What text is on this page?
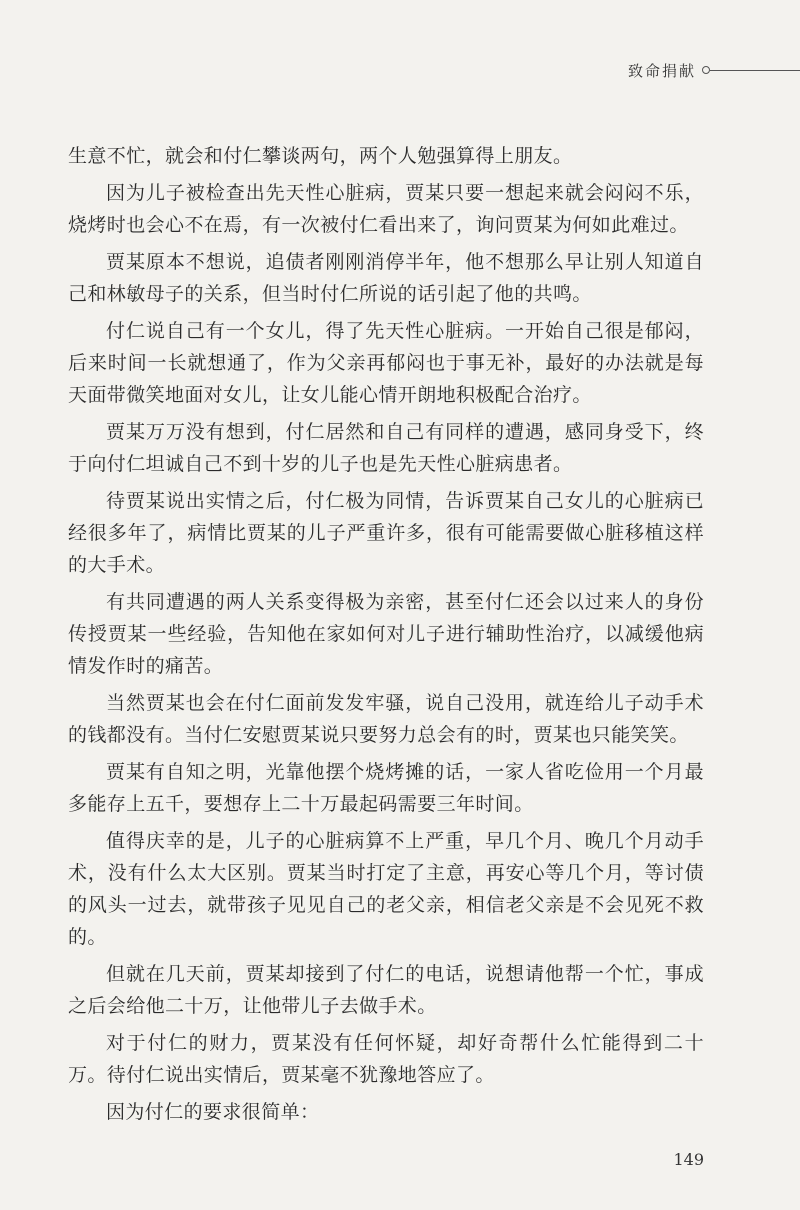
致命捐献

生意不忙，就会和付仁攀谈两句，两个人勉强算得上朋友。

因为儿子被检查出先天性心脏病，贾某只要一想起来就会闷闷不乐，烧烤时也会心不在焉，有一次被付仁看出来了，询问贾某为何如此难过。

贾某原本不想说，追债者刚刚消停半年，他不想那么早让别人知道自己和林敏母子的关系，但当时付仁所说的话引起了他的共鸣。

付仁说自己有一个女儿，得了先天性心脏病。一开始自己很是郁闷，后来时间一长就想通了，作为父亲再郁闷也于事无补，最好的办法就是每天面带微笑地面对女儿，让女儿能心情开朗地积极配合治疗。

贾某万万没有想到，付仁居然和自己有同样的遭遇，感同身受下，终于向付仁坦诚自己不到十岁的儿子也是先天性心脏病患者。

待贾某说出实情之后，付仁极为同情，告诉贾某自己女儿的心脏病已经很多年了，病情比贾某的儿子严重许多，很有可能需要做心脏移植这样的大手术。

有共同遭遇的两人关系变得极为亲密，甚至付仁还会以过来人的身份传授贾某一些经验，告知他在家如何对儿子进行辅助性治疗，以减缓他病情发作时的痛苦。

当然贾某也会在付仁面前发发牢骚，说自己没用，就连给儿子动手术的钱都没有。当付仁安慰贾某说只要努力总会有的时，贾某也只能笑笑。

贾某有自知之明，光靠他摆个烧烤摊的话，一家人省吃俭用一个月最多能存上五千，要想存上二十万最起码需要三年时间。

值得庆幸的是，儿子的心脏病算不上严重，早几个月、晚几个月动手术，没有什么太大区别。贾某当时打定了主意，再安心等几个月，等讨债的风头一过去，就带孩子见见自己的老父亲，相信老父亲是不会见死不救的。

但就在几天前，贾某却接到了付仁的电话，说想请他帮一个忙，事成之后会给他二十万，让他带儿子去做手术。

对于付仁的财力，贾某没有任何怀疑，却好奇帮什么忙能得到二十万。待付仁说出实情后，贾某毫不犹豫地答应了。

因为付仁的要求很简单：

149
